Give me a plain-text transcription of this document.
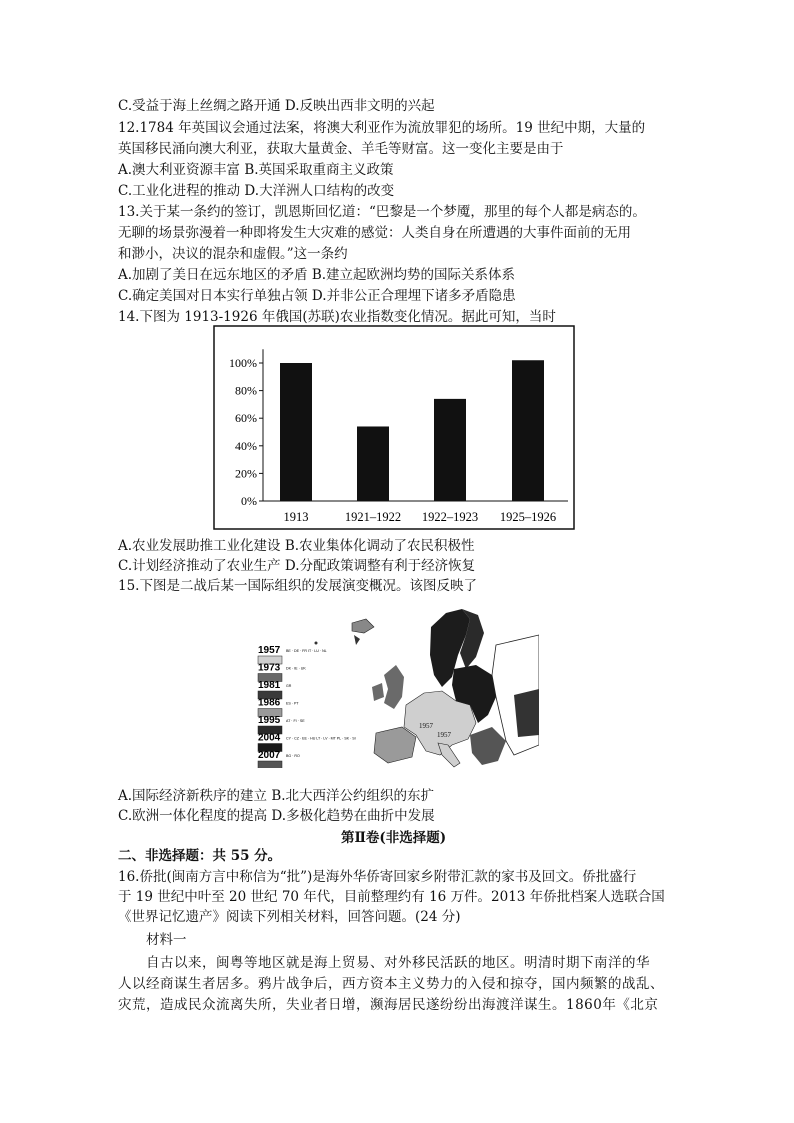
C.受益于海上丝绸之路开通 D.反映出西非文明的兴起
12.1784 年英国议会通过法案，将澳大利亚作为流放罪犯的场所。19 世纪中期，大量的
英国移民涌向澳大利亚，获取大量黄金、羊毛等财富。这一变化主要是由于
A.澳大利亚资源丰富 B.英国采取重商主义政策
C.工业化进程的推动 D.大洋洲人口结构的改变
13.关于某一条约的签订，凯恩斯回忆道：“巴黎是一个梦魇，那里的每个人都是病态的。
无聊的场景弥漫着一种即将发生大灾难的感觉：人类自身在所遭遇的大事件面前的无用
和渺小，决议的混杂和虚假。”这一条约
A.加剧了美日在远东地区的矛盾 B.建立起欧洲均势的国际关系体系
C.确定美国对日本实行单独占领 D.并非公正合理埋下诸多矛盾隐患
14.下图为 1913-1926 年俄国(苏联)农业指数变化情况。据此可知，当时
0%
20%
40%
60%
80%
100%
1913	1921–1922 1922–1923 1925–1926
A.农业发展助推工业化建设 B.农业集体化调动了农民积极性
C.计划经济推动了农业生产 D.分配政策调整有利于经济恢复
15.下图是二战后某一国际组织的发展演变概况。该图反映了
1957 BE · DE · FR IT · LU · NL
1973 DK · IE · UK
1981 GR
1986 ES · PT
1995 AT · FI · SE
2004 CY · CZ · EE · HU LT · LV · MT PL · SK · SI
2007 BG · RO
1957
1957
A.国际经济新秩序的建立 B.北大西洋公约组织的东扩
C.欧洲一体化程度的提高 D.多极化趋势在曲折中发展
第Ⅱ卷(非选择题)
二、非选择题：共 55 分。
16.侨批(闽南方言中称信为“批”)是海外华侨寄回家乡附带汇款的家书及回文。侨批盛行
于 19 世纪中叶至 20 世纪 70 年代，目前整理约有 16 万件。2013 年侨批档案人选联合国
《世界记忆遗产》阅读下列相关材料，回答问题。(24 分)
材料一
自古以来，闽粤等地区就是海上贸易、对外移民活跃的地区。明清时期下南洋的华
人以经商谋生者居多。鸦片战争后，西方资本主义势力的入侵和掠夺，国内频繁的战乱、
灾荒，造成民众流离失所，失业者日增，濒海居民遂纷纷出海渡洋谋生。1860年《北京
